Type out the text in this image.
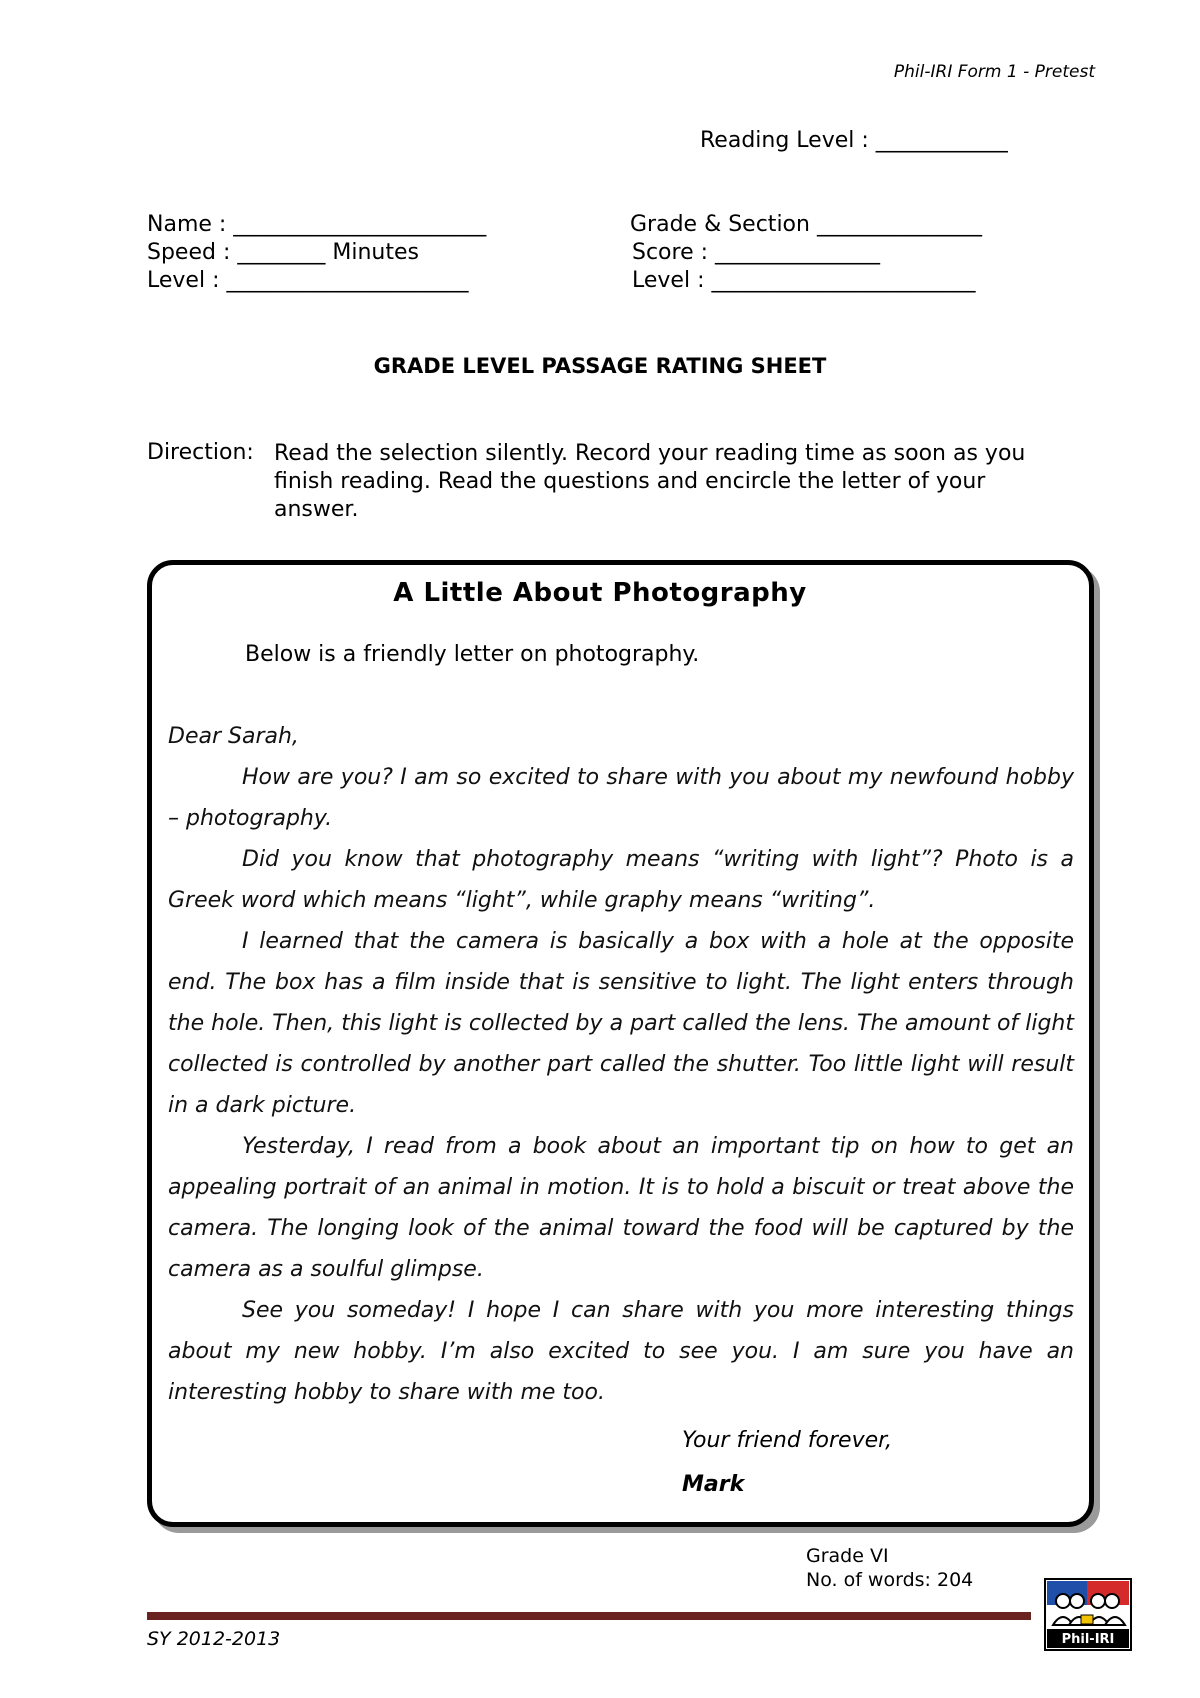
Phil-IRI Form 1 - Pretest
Reading Level : ____________
Name : _______________________
Speed : ________ Minutes
Level : ______________________
Grade & Section _______________
Score : _______________
Level : ________________________
GRADE LEVEL PASSAGE RATING SHEET
Direction: Read the selection silently. Record your reading time as soon as you finish reading. Read the questions and encircle the letter of your answer.
A Little About Photography
Below is a friendly letter on photography.

Dear Sarah,

How are you? I am so excited to share with you about my newfound hobby – photography.

Did you know that photography means “writing with light”? Photo is a Greek word which means “light”, while graphy means “writing”.

I learned that the camera is basically a box with a hole at the opposite end. The box has a film inside that is sensitive to light. The light enters through the hole. Then, this light is collected by a part called the lens. The amount of light collected is controlled by another part called the shutter. Too little light will result in a dark picture.

Yesterday, I read from a book about an important tip on how to get an appealing portrait of an animal in motion. It is to hold a biscuit or treat above the camera. The longing look of the animal toward the food will be captured by the camera as a soulful glimpse.

See you someday! I hope I can share with you more interesting things about my new hobby. I’m also excited to see you. I am sure you have an interesting hobby to share with me too.

Your friend forever,
Mark
Grade VI
No. of words: 204
SY 2012-2013	Phil-IRI
